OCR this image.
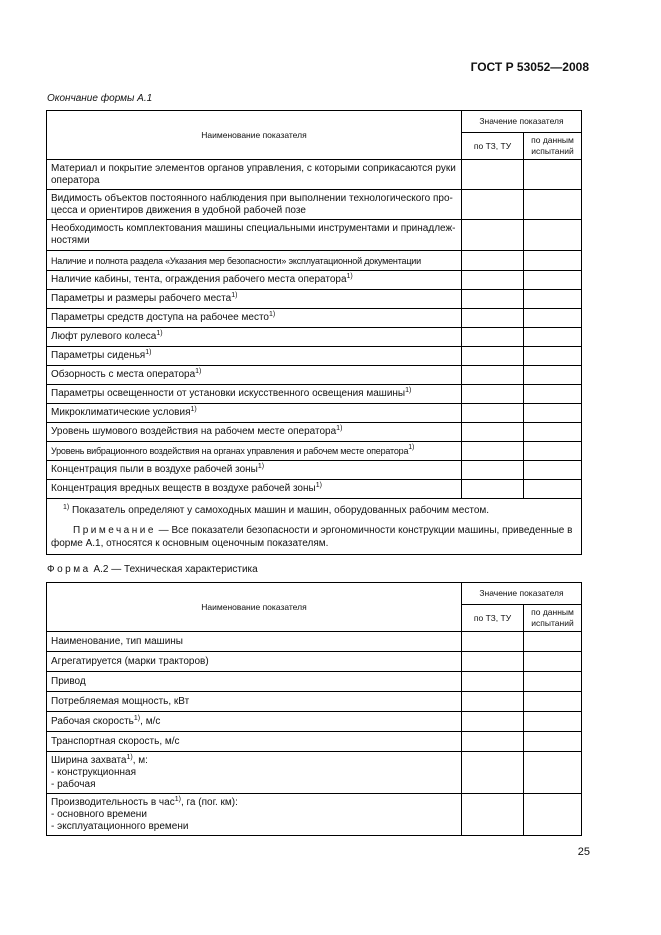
ГОСТ Р 53052—2008
Окончание формы А.1
Наименование показателя	Значение показателя	
	по ТЗ, ТУ	по данным испытаний
Материал и покрытие элементов органов управления, с которыми соприкасаются руки оператора		
Видимость объектов постоянного наблюдения при выполнении технологического про-цесса и ориентиров движения в удобной рабочей позе		
Необходимость комплектования машины специальными инструментами и принадлеж-ностями		
Наличие и полнота раздела «Указания мер безопасности» эксплуатационной документации		
Наличие кабины, тента, ограждения рабочего места оператора$^{1)}$		
Параметры и размеры рабочего места$^{1)}$		
Параметры средств доступа на рабочее место$^{1)}$		
Люфт рулевого колеса$^{1)}$		
Параметры сиденья$^{1)}$		
Обзорность с места оператора$^{1)}$		
Параметры освещенности от установки искусственного освещения машины$^{1)}$		
Микроклиматические условия$^{1)}$		
Уровень шумового воздействия на рабочем месте оператора$^{1)}$		
Уровень вибрационного воздействия на органах управления и рабочем месте оператора$^{1)}$		
Концентрация пыли в воздухе рабочей зоны$^{1)}$		
Концентрация вредных веществ в воздухе рабочей зоны$^{1)}$		

$^{1)}$ Показатель определяют у самоходных машин и машин, оборудованных рабочим местом.
Примечание — Все показатели безопасности и эргономичности конструкции машины, приведенные в форме А.1, относятся к основным оценочным показателям.		
Форма А.2 — Техническая характеристика
Наименование показателя	Значение показателя	
	по ТЗ, ТУ	по данным испытаний
Наименование, тип машины		
Агрегатируется (марки тракторов)		
Привод		
Потребляемая мощность, кВт		
Рабочая скорость$^{1)}$, м/с		
Транспортная скорость, м/с		

Ширина захвата$^{1)}$, м:
- конструкционная
- рабочая		

Производительность в час$^{1)}$, га (пог. км):
- основного времени
- эксплуатационного времени		

25
